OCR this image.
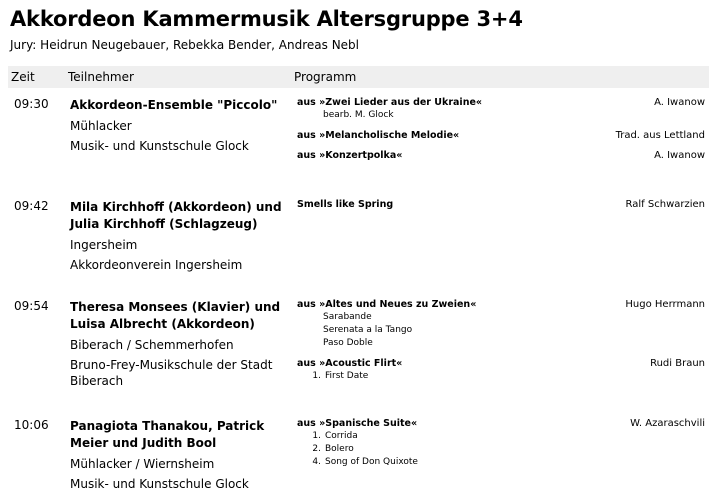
Akkordeon Kammermusik Altersgruppe 3+4
Jury: Heidrun Neugebauer, Rebekka Bender, Andreas Nebl
Zeit	Teilnehmer	Programm
09:30 Akkordeon-Ensemble "Piccolo"
Mühlacker
Musik- und Kunstschule Glock
aus »Zwei Lieder aus der Ukraine«	A. Iwanow
bearb. M. Glock
aus »Melancholische Melodie«	Trad. aus Lettland
aus »Konzertpolka«	A. Iwanow
09:42 Mila Kirchhoff (Akkordeon) und Julia Kirchhoff (Schlagzeug)
Ingersheim
Akkordeonverein Ingersheim
Smells like Spring	Ralf Schwarzien
09:54 Theresa Monsees (Klavier) und Luisa Albrecht (Akkordeon)
Biberach / Schemmerhofen
Bruno-Frey-Musikschule der Stadt Biberach
aus »Altes und Neues zu Zweien«	Hugo Herrmann
Sarabande
Serenata a la Tango
Paso Doble
aus »Acoustic Flirt«	Rudi Braun
1. First Date
10:06 Panagiota Thanakou, Patrick Meier und Judith Bool
Mühlacker / Wiernsheim
Musik- und Kunstschule Glock
aus »Spanische Suite«	W. Azaraschvili
1. Corrida
2. Bolero
4. Song of Don Quixote
